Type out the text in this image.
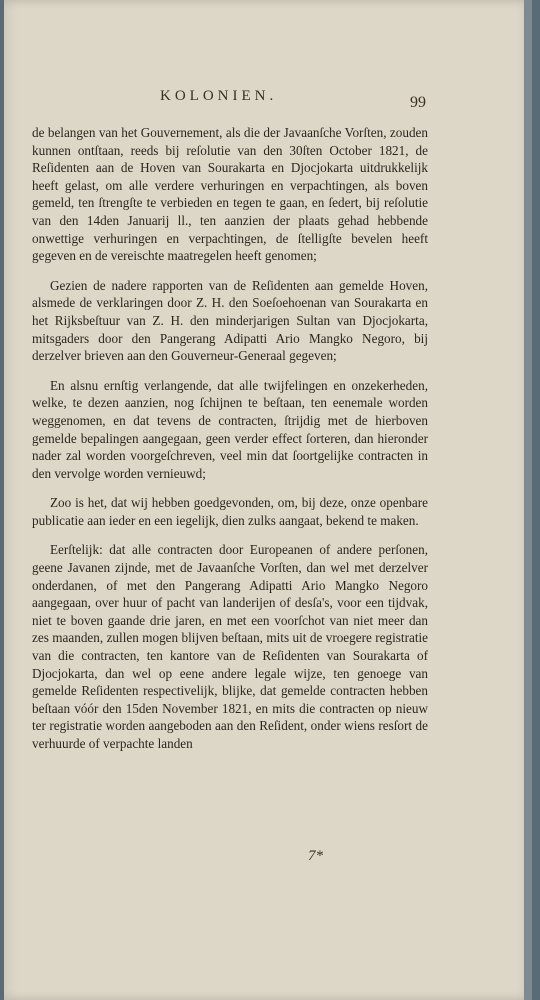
KOLONIEN.	99

de belangen van het Gouvernement, als die der Javaanſche Vorſten, zouden kunnen ontſtaan, reeds bij reſolutie van den 30ſten October 1821, de Reſidenten aan de Hoven van Sourakarta en Djocjokarta uitdrukkelijk heeft gelast, om alle verdere verhuringen en verpachtingen, als boven gemeld, ten ſtrengſte te verbieden en tegen te gaan, en ſedert, bij reſolutie van den 14den Januarij ll., ten aanzien der plaats gehad hebbende onwettige verhuringen en verpachtingen, de ſtelligſte bevelen heeft gegeven en de vereischte maatregelen heeft genomen;

Gezien de nadere rapporten van de Reſidenten aan gemelde Hoven, alsmede de verklaringen door Z. H. den Soeſoehoenan van Sourakarta en het Rijksbeſtuur van Z. H. den minderjarigen Sultan van Djocjokarta, mitsgaders door den Pangerang Adipatti Ario Mangko Negoro, bij derzelver brieven aan den Gouverneur-Generaal gegeven;

En alsnu ernſtig verlangende, dat alle twijfelingen en onzekerheden, welke, te dezen aanzien, nog ſchijnen te beſtaan, ten eenemale worden weggenomen, en dat tevens de contracten, ſtrijdig met de hierboven gemelde bepalingen aangegaan, geen verder effect ſorteren, dan hieronder nader zal worden voorgeſchreven, veel min dat ſoortgelijke contracten in den vervolge worden vernieuwd;

Zoo is het, dat wij hebben goedgevonden, om, bij deze, onze openbare publicatie aan ieder en een iegelijk, dien zulks aangaat, bekend te maken.

Eerſtelijk: dat alle contracten door Europeanen of andere perſonen, geene Javanen zijnde, met de Javaanſche Vorſten, dan wel met derzelver onderdanen, of met den Pangerang Adipatti Ario Mangko Negoro aangegaan, over huur of pacht van landerijen of desſa's, voor een tijdvak, niet te boven gaande drie jaren, en met een voorſchot van niet meer dan zes maanden, zullen mogen blijven beſtaan, mits uit de vroegere registratie van die contracten, ten kantore van de Reſidenten van Sourakarta of Djocjokarta, dan wel op eene andere legale wijze, ten genoege van gemelde Reſidenten respectivelijk, blijke, dat gemelde contracten hebben beſtaan vóór den 15den November 1821, en mits die contracten op nieuw ter registratie worden aangeboden aan den Reſident, onder wiens resſort de verhuurde of verpachte landen

7*
